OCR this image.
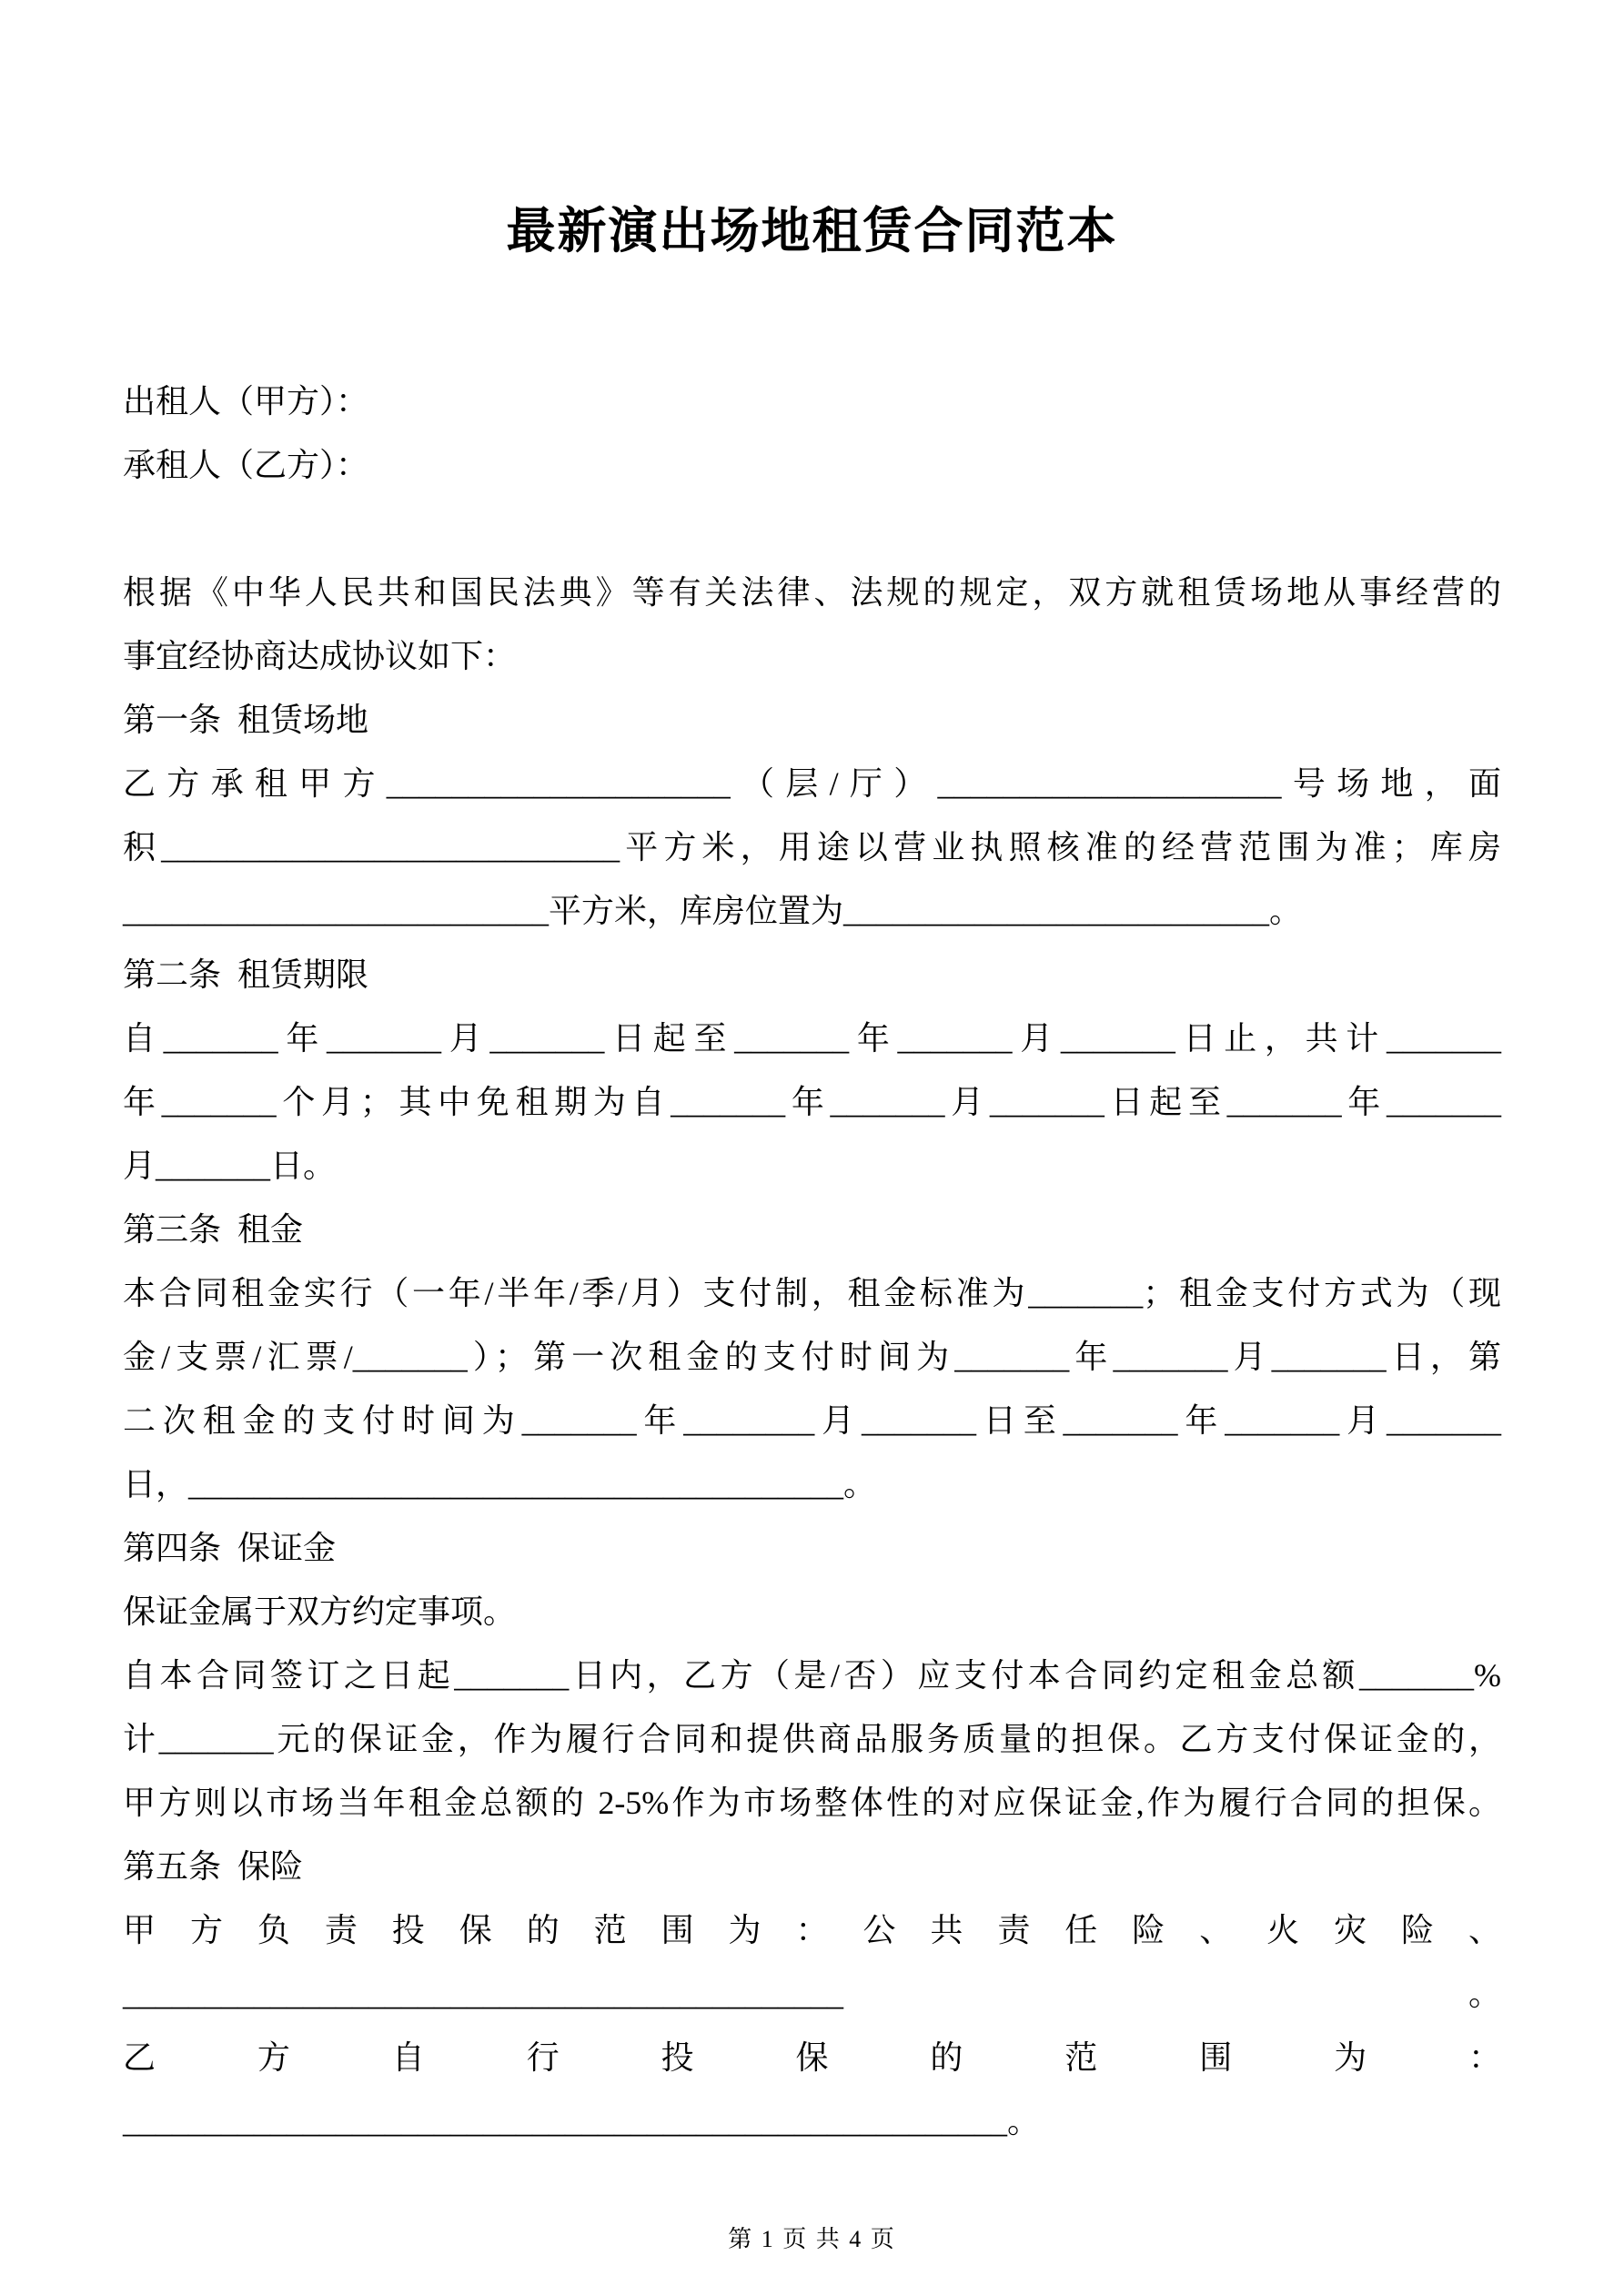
最新演出场地租赁合同范本
出租人（甲方）：
承租人（乙方）：
根据《中华人民共和国民法典》等有关法律、法规的规定，双方就租赁场地从事经营的
事宜经协商达成协议如下：
第一条  租赁场地
乙方承租甲方_____________________（层/厅）_____________________号场地，面
积____________________________平方米，用途以营业执照核准的经营范围为准；库房
__________________________平方米，库房位置为__________________________。
第二条  租赁期限
自_______年_______月_______日起至_______年_______月_______日止，共计_______
年_______个月；其中免租期为自_______年_______月_______日起至_______年_______
月_______日。
第三条  租金
本合同租金实行（一年/半年/季/月）支付制，租金标准为_______；租金支付方式为（现
金/支票/汇票/_______）；第一次租金的支付时间为_______年_______月_______日，第
二次租金的支付时间为_______年________月_______日至_______年_______月_______
日，________________________________________。
第四条  保证金
保证金属于双方约定事项。
自本合同签订之日起_______日内，乙方（是/否）应支付本合同约定租金总额_______%
计_______元的保证金，作为履行合同和提供商品服务质量的担保。乙方支付保证金的，
甲方则以市场当年租金总额的 2-5%作为市场整体性的对应保证金,作为履行合同的担保。
第五条  保险
甲方负责投保的范围为：公共责任险、火灾险、____________________________________________。
乙方自行投保的范围为：
______________________________________________________。
第 1 页 共 4 页
